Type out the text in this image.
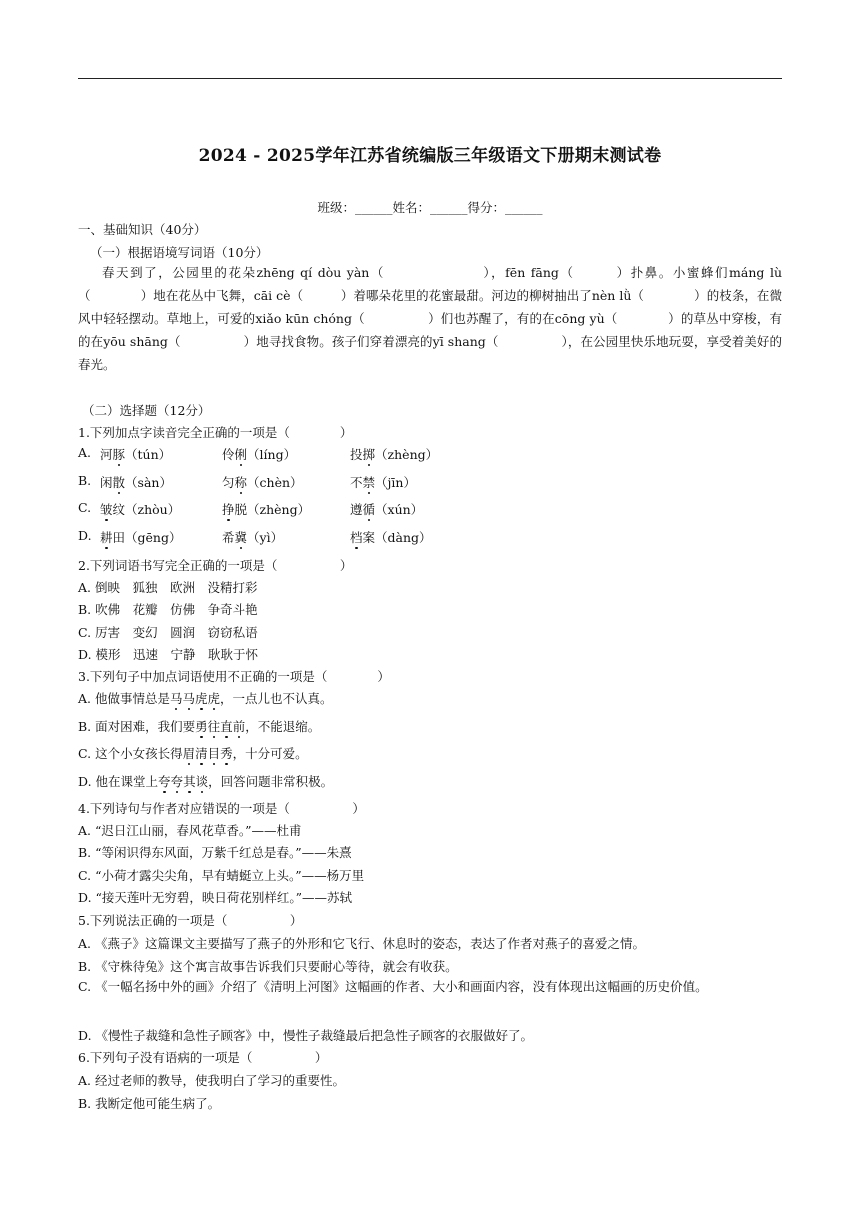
2024 - 2025学年江苏省统编版三年级语文下册期末测试卷
班级：______姓名：______得分：______
一、基础知识（40分）
（一）根据语境写词语（10分）
春天到了，公园里的花朵zhēng qí dòu yàn（　　　　　　　），fēn fāng（　　　）扑鼻。小蜜蜂们máng lù（　　　　）地在花丛中飞舞，cāi cè（　　　）着哪朵花里的花蜜最甜。河边的柳树抽出了nèn lǜ（　　　　）的枝条，在微风中轻轻摆动。草地上，可爱的xiǎo kūn chóng（　　　　　）们也苏醒了，有的在cōng yù（　　　　）的草丛中穿梭，有的在yōu shāng（　　　　　）地寻找食物。孩子们穿着漂亮的yī shang（　　　　　），在公园里快乐地玩耍，享受着美好的春光。
（二）选择题（12分）
1.下列加点字读音完全正确的一项是（　　　　）
A. 河豚（tún）	伶俐（líng）	投掷（zhèng）
B. 闲散（sàn）	匀称（chèn）	不禁（jīn）
C. 皱纹（zhòu）	挣脱（zhèng）	遵循（xún）
D. 耕田（gēng）	希冀（yì）	档案（dàng）
2.下列词语书写完全正确的一项是（　　　　　）
A. 倒映　狐独　欧洲　没精打彩
B. 吹佛　花瓣　仿佛　争奇斗艳
C. 厉害　变幻　圆润　窃窃私语
D. 模形　迅速　宁静　耿耿于怀
3.下列句子中加点词语使用不正确的一项是（　　　　）
A. 他做事情总是马马虎虎，一点儿也不认真。
B. 面对困难，我们要勇往直前，不能退缩。
C. 这个小女孩长得眉清目秀，十分可爱。
D. 他在课堂上夸夸其谈，回答问题非常积极。
4.下列诗句与作者对应错误的一项是（　　　　　）
A. “迟日江山丽，春风花草香。”——杜甫
B. “等闲识得东风面，万紫千红总是春。”——朱熹
C. “小荷才露尖尖角，早有蜻蜓立上头。”——杨万里
D. “接天莲叶无穷碧，映日荷花别样红。”——苏轼
5.下列说法正确的一项是（　　　　　）
A. 《燕子》这篇课文主要描写了燕子的外形和它飞行、休息时的姿态，表达了作者对燕子的喜爱之情。
B. 《守株待兔》这个寓言故事告诉我们只要耐心等待，就会有收获。
C. 《一幅名扬中外的画》介绍了《清明上河图》这幅画的作者、大小和画面内容，没有体现出这幅画的历史价值。
D. 《慢性子裁缝和急性子顾客》中，慢性子裁缝最后把急性子顾客的衣服做好了。
6.下列句子没有语病的一项是（　　　　　）
A. 经过老师的教导，使我明白了学习的重要性。
B. 我断定他可能生病了。
